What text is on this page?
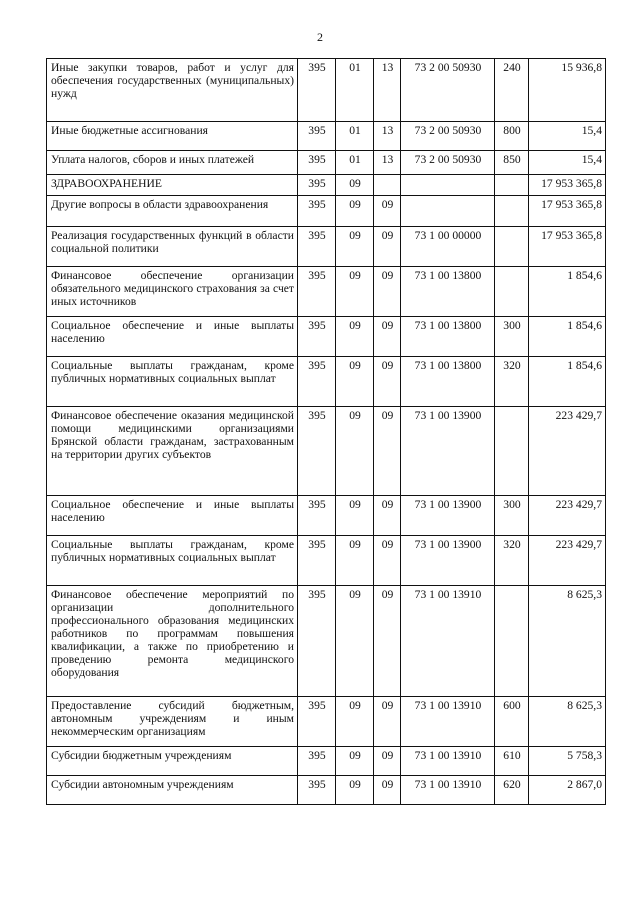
2
Иные закупки товаров, работ и услуг для обеспечения государственных (муниципальных) нужд	395	01	13	73 2 00 50930	240	15 936,8
Иные бюджетные ассигнования	395	01	13	73 2 00 50930	800	15,4
Уплата налогов, сборов и иных платежей	395	01	13	73 2 00 50930	850	15,4
ЗДРАВООХРАНЕНИЕ	395	09				17 953 365,8
Другие вопросы в области здравоохранения	395	09	09			17 953 365,8
Реализация государственных функций в области социальной политики	395	09	09	73 1 00 00000		17 953 365,8
Финансовое обеспечение организации обязательного медицинского страхования за счет иных источников	395	09	09	73 1 00 13800		1 854,6
Социальное обеспечение и иные выплаты населению	395	09	09	73 1 00 13800	300	1 854,6
Социальные выплаты гражданам, кроме публичных нормативных социальных выплат	395	09	09	73 1 00 13800	320	1 854,6
Финансовое обеспечение оказания медицинской помощи медицинскими организациями Брянской области гражданам, застрахованным на территории других субъектов	395	09	09	73 1 00 13900		223 429,7
Социальное обеспечение и иные выплаты населению	395	09	09	73 1 00 13900	300	223 429,7
Социальные выплаты гражданам, кроме публичных нормативных социальных выплат	395	09	09	73 1 00 13900	320	223 429,7
Финансовое обеспечение мероприятий по организации дополнительного профессионального образования медицинских работников по программам повышения квалификации, а также по приобретению и проведению ремонта медицинского оборудования	395	09	09	73 1 00 13910		8 625,3
Предоставление субсидий бюджетным, автономным учреждениям и иным некоммерческим организациям	395	09	09	73 1 00 13910	600	8 625,3
Субсидии бюджетным учреждениям	395	09	09	73 1 00 13910	610	5 758,3
Субсидии автономным учреждениям	395	09	09	73 1 00 13910	620	2 867,0
